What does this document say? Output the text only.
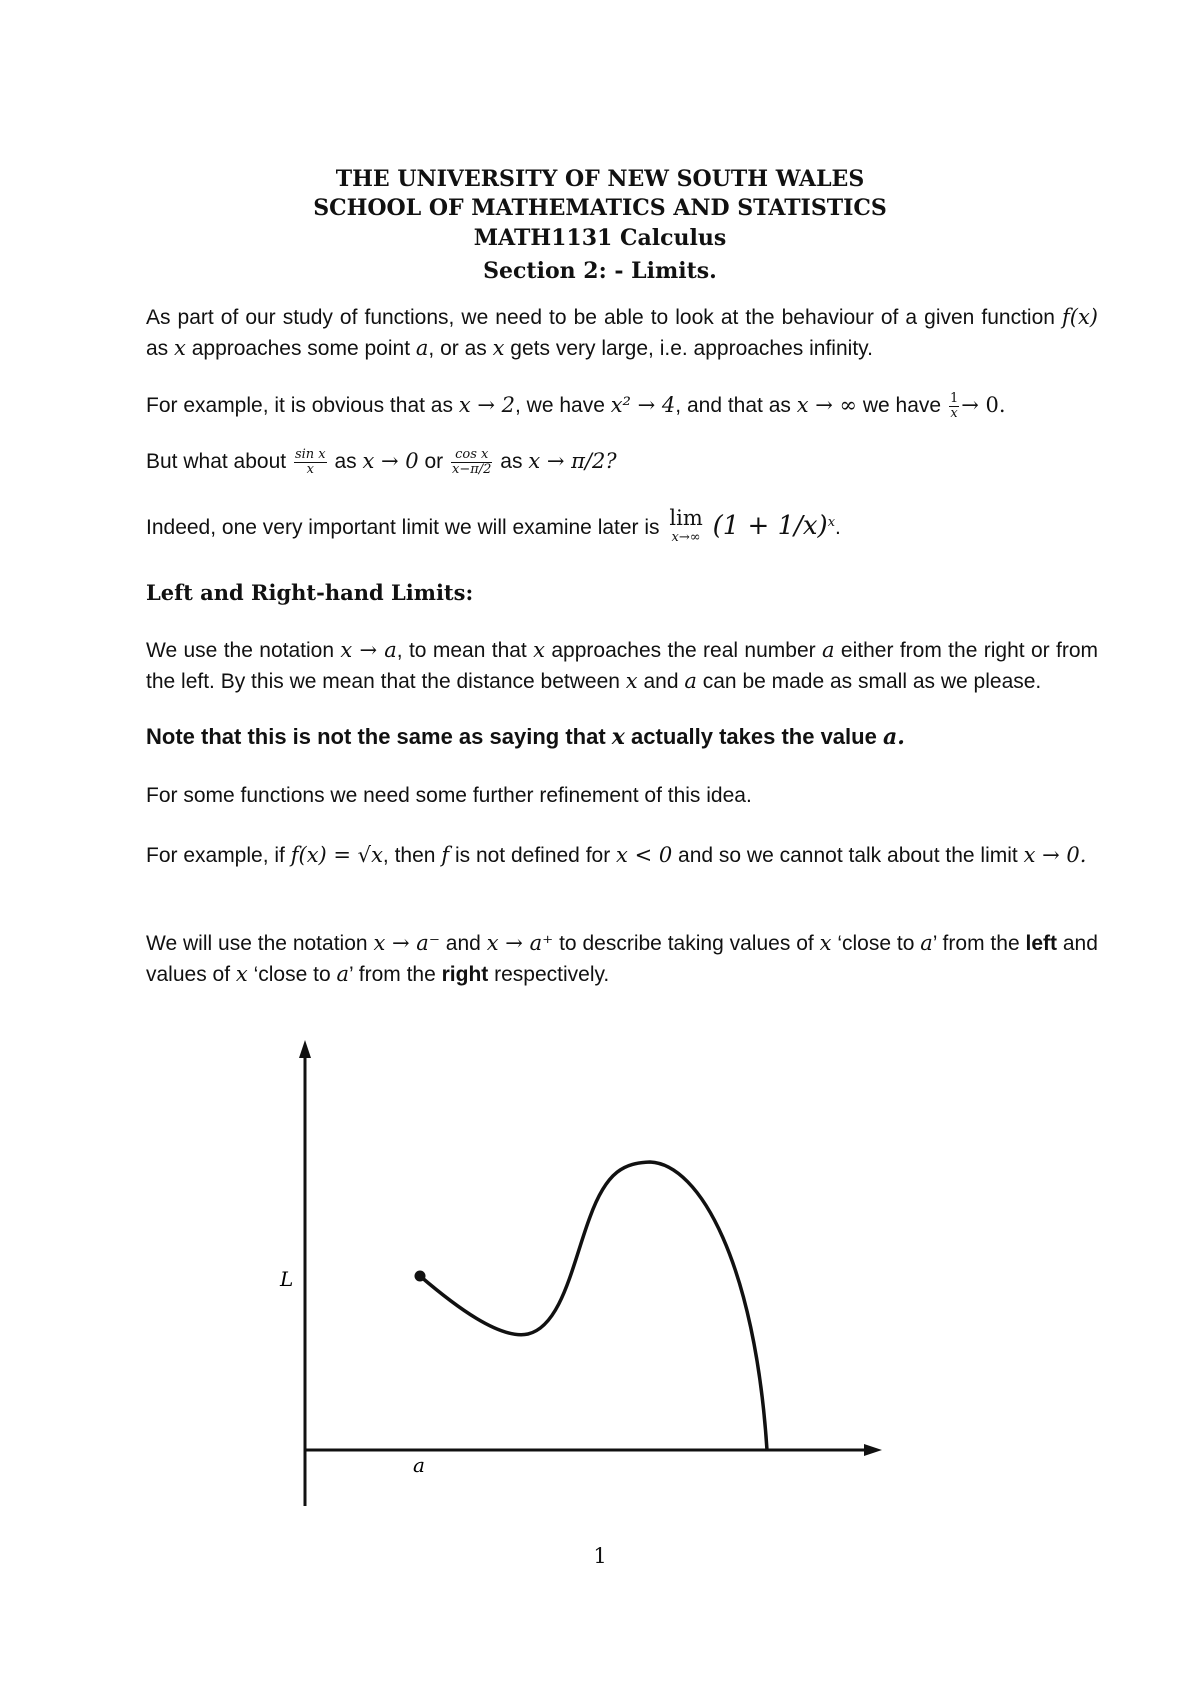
THE UNIVERSITY OF NEW SOUTH WALES
SCHOOL OF MATHEMATICS AND STATISTICS
MATH1131 Calculus
Section 2: - Limits.
As part of our study of functions, we need to be able to look at the behaviour of a given function f(x) as x approaches some point a, or as x gets very large, i.e. approaches infinity.
For example, it is obvious that as x → 2, we have x² → 4, and that as x → ∞ we have $\frac{1}{x} \to 0$.
But what about $\frac{\text{sin x}}{x}$ as x → 0 or $\frac{\text{cos x}}{x-\pi/2}$ as x → π/2?
Indeed, one very important limit we will examine later is lim
x→∞ $(1 + 1/x)^x$.
Left and Right-hand Limits:
We use the notation x → a, to mean that x approaches the real number a either from the right or from the left. By this we mean that the distance between x and a can be made as small as we please.
Note that this is not the same as saying that x actually takes the value a.
For some functions we need some further refinement of this idea.
For example, if f(x) = √x, then f is not defined for x < 0 and so we cannot talk about the limit x → 0.
We will use the notation x → a⁻ and x → a⁺ to describe taking values of x ‘close to a’ from the left and values of x ‘close to a’ from the right respectively.
L
a
1
